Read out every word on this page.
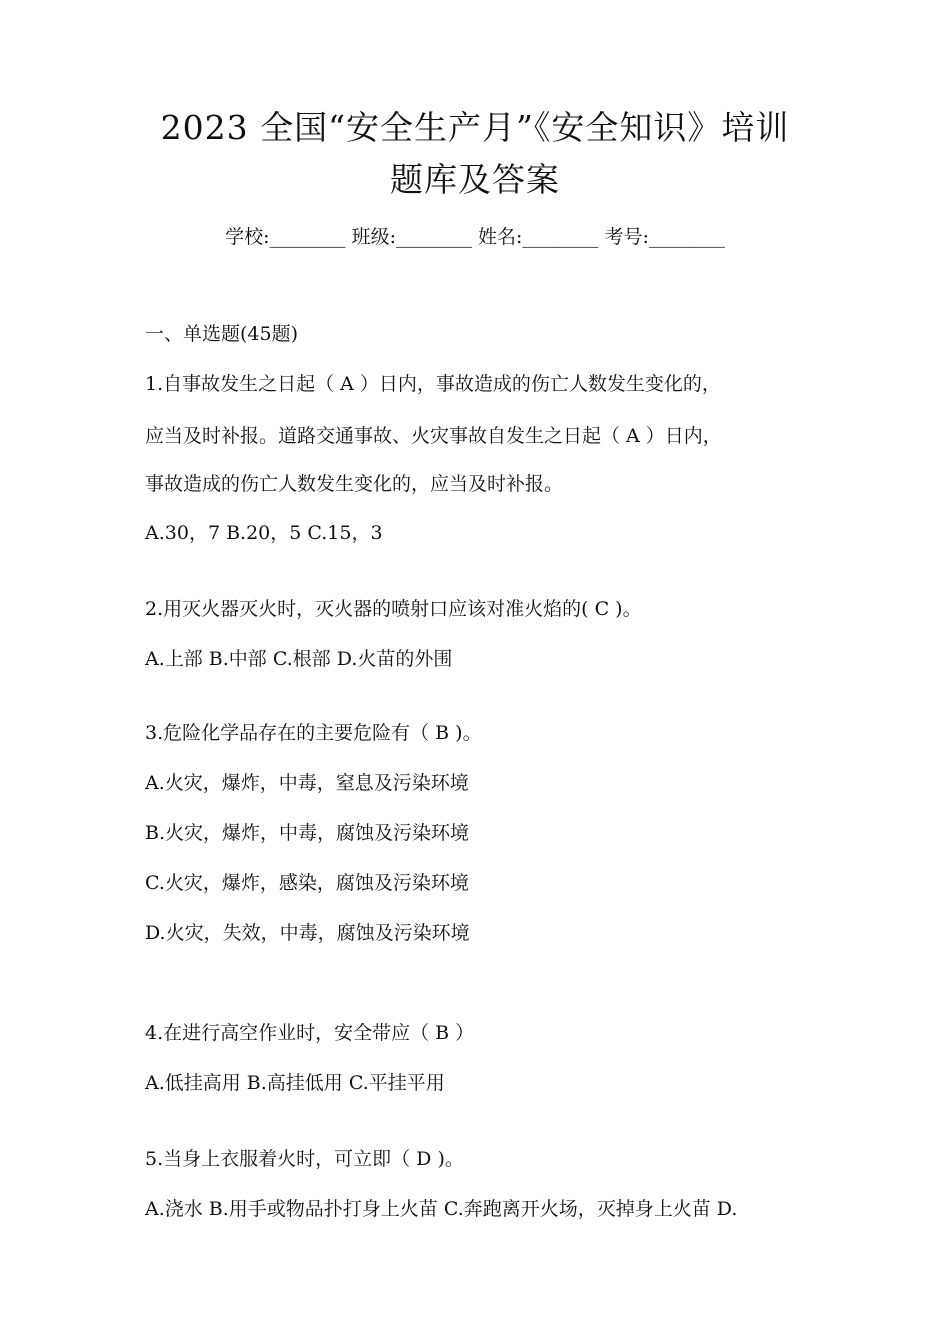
2023 全国“安全生产月”《安全知识》培训
题库及答案
学校:________ 班级:________ 姓名:________ 考号:________
一、单选题(45题)
1.自事故发生之日起（ A ）日内，事故造成的伤亡人数发生变化的，
应当及时补报。道路交通事故、火灾事故自发生之日起（ A ）日内，
事故造成的伤亡人数发生变化的，应当及时补报。
A.30，7 B.20，5 C.15，3
2.用灭火器灭火时，灭火器的喷射口应该对准火焰的( C )。
A.上部 B.中部 C.根部 D.火苗的外围
3.危险化学品存在的主要危险有（ B )。
A.火灾，爆炸，中毒，窒息及污染环境
B.火灾，爆炸，中毒，腐蚀及污染环境
C.火灾，爆炸，感染，腐蚀及污染环境
D.火灾，失效，中毒，腐蚀及污染环境
4.在进行高空作业时，安全带应（ B ）
A.低挂高用 B.高挂低用 C.平挂平用
5.当身上衣服着火时，可立即（ D )。
A.浇水 B.用手或物品扑打身上火苗 C.奔跑离开火场，灭掉身上火苗 D.
